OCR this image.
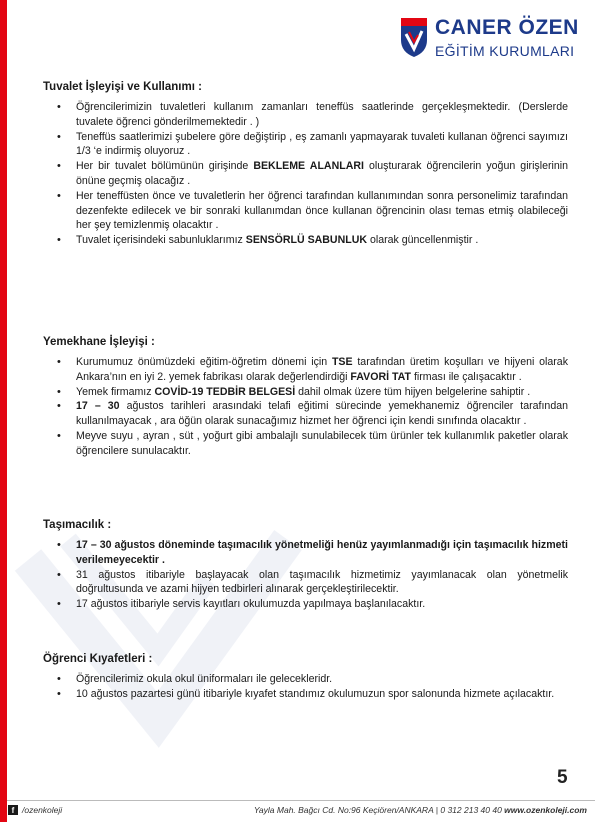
CANER ÖZEN
EĞİTİM KURUMLARI
Tuvalet İşleyişi ve Kullanımı :
• Öğrencilerimizin tuvaletleri kullanım zamanları teneffüs saatlerinde gerçekleşmektedir. (Derslerde tuvalete öğrenci gönderilmemektedir . )
• Teneffüs saatlerimizi şubelere göre değiştirip , eş zamanlı yapmayarak tuvaleti kullanan öğrenci sayımızı 1/3 ‘e indirmiş oluyoruz .
• Her bir tuvalet bölümünün girişinde BEKLEME ALANLARI oluşturarak öğrencilerin yoğun girişlerinin önüne geçmiş olacağız .
• Her teneffüsten önce ve tuvaletlerin her öğrenci tarafından kullanımından sonra personelimiz tarafından dezenfekte edilecek ve bir sonraki kullanımdan önce kullanan öğrencinin olası temas etmiş olabileceği her şey temizlenmiş olacaktır .
• Tuvalet içerisindeki sabunluklarımız SENSÖRLÜ SABUNLUK olarak güncellenmiştir .
Yemekhane İşleyişi :
• Kurumumuz önümüzdeki eğitim-öğretim dönemi için TSE tarafından üretim koşulları ve hijyeni olarak Ankara’nın en iyi 2. yemek fabrikası olarak değerlendirdiği FAVORİ TAT firması ile çalışacaktır .
• Yemek firmamız COVİD-19 TEDBİR BELGESİ dahil olmak üzere tüm hijyen belgelerine sahiptir .
• 17 – 30 ağustos tarihleri arasındaki telafi eğitimi sürecinde yemekhanemiz öğrenciler tarafından kullanılmayacak , ara öğün olarak sunacağımız hizmet her öğrenci için kendi sınıfında olacaktır .
• Meyve suyu , ayran , süt , yoğurt gibi ambalajlı sunulabilecek tüm ürünler tek kullanımlık paketler olarak öğrencilere sunulacaktır.
Taşımacılık :
• 17 – 30 ağustos döneminde taşımacılık yönetmeliği henüz yayımlanmadığı için taşımacılık hizmeti verilemeyecektir .
• 31 ağustos itibariyle başlayacak olan taşımacılık hizmetimiz yayımlanacak olan yönetmelik doğrultusunda ve azami hijyen tedbirleri alınarak gerçekleştirilecektir.
• 17 ağustos itibariyle servis kayıtları okulumuzda yapılmaya başlanılacaktır.
Öğrenci Kıyafetleri :
• Öğrencilerimiz okula okul üniformaları ile gelecekleridr.
• 10 ağustos pazartesi günü itibariyle kıyafet standımız okulumuzun spor salonunda hizmete açılacaktır.
5
f /ozenkoleji	Yayla Mah. Bağcı Cd. No:96 Keçiören/ANKARA | 0 312 213 40 40 www.ozenkoleji.com
